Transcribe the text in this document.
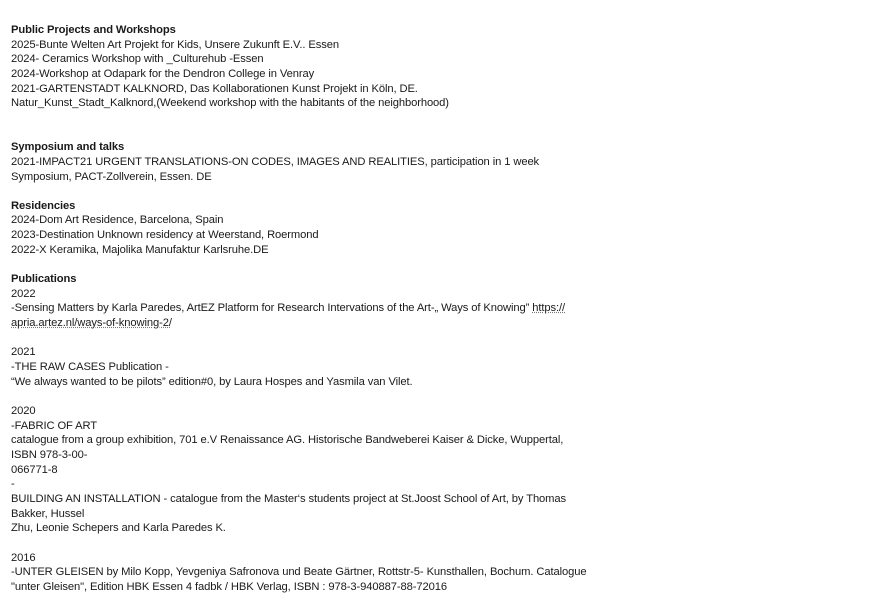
Public Projects and Workshops
2025-Bunte Welten Art Projekt for Kids, Unsere Zukunft E.V.. Essen
2024- Ceramics Workshop with _Culturehub -Essen
2024-Workshop at Odapark for the Dendron College in Venray
2021-GARTENSTADT KALKNORD, Das Kollaborationen Kunst Projekt in Köln, DE.
Natur_Kunst_Stadt_Kalknord,(Weekend workshop with the habitants of the neighborhood)
Symposium and talks
2021-IMPACT21 URGENT TRANSLATIONS-ON CODES, IMAGES AND REALITIES, participation in 1 week
Symposium, PACT-Zollverein, Essen. DE
Residencies
2024-Dom Art Residence, Barcelona, Spain
2023-Destination Unknown residency at Weerstand, Roermond
2022-X Keramika, Majolika Manufaktur Karlsruhe.DE
Publications
2022
-Sensing Matters by Karla Paredes, ArtEZ Platform for Research Intervations of the Art-„ Ways of Knowing” https://
apria.artez.nl/ways-of-knowing-2/
2021
-THE RAW CASES Publication -
“We always wanted to be pilots” edition#0, by Laura Hospes and Yasmila van Vilet.
2020
-FABRIC OF ART
catalogue from a group exhibition, 701 e.V Renaissance AG. Historische Bandweberei Kaiser & Dicke, Wuppertal,
ISBN 978-3-00-
066771-8
-
BUILDING AN INSTALLATION - catalogue from the Master‘s students project at St.Joost School of Art, by Thomas
Bakker, Hussel
Zhu, Leonie Schepers and Karla Paredes K.
2016
-UNTER GLEISEN by Milo Kopp, Yevgeniya Safronova und Beate Gärtner, Rottstr-5- Kunsthallen, Bochum. Catalogue
"unter Gleisen", Edition HBK Essen 4 fadbk / HBK Verlag, ISBN : 978-3-940887-88-72016
